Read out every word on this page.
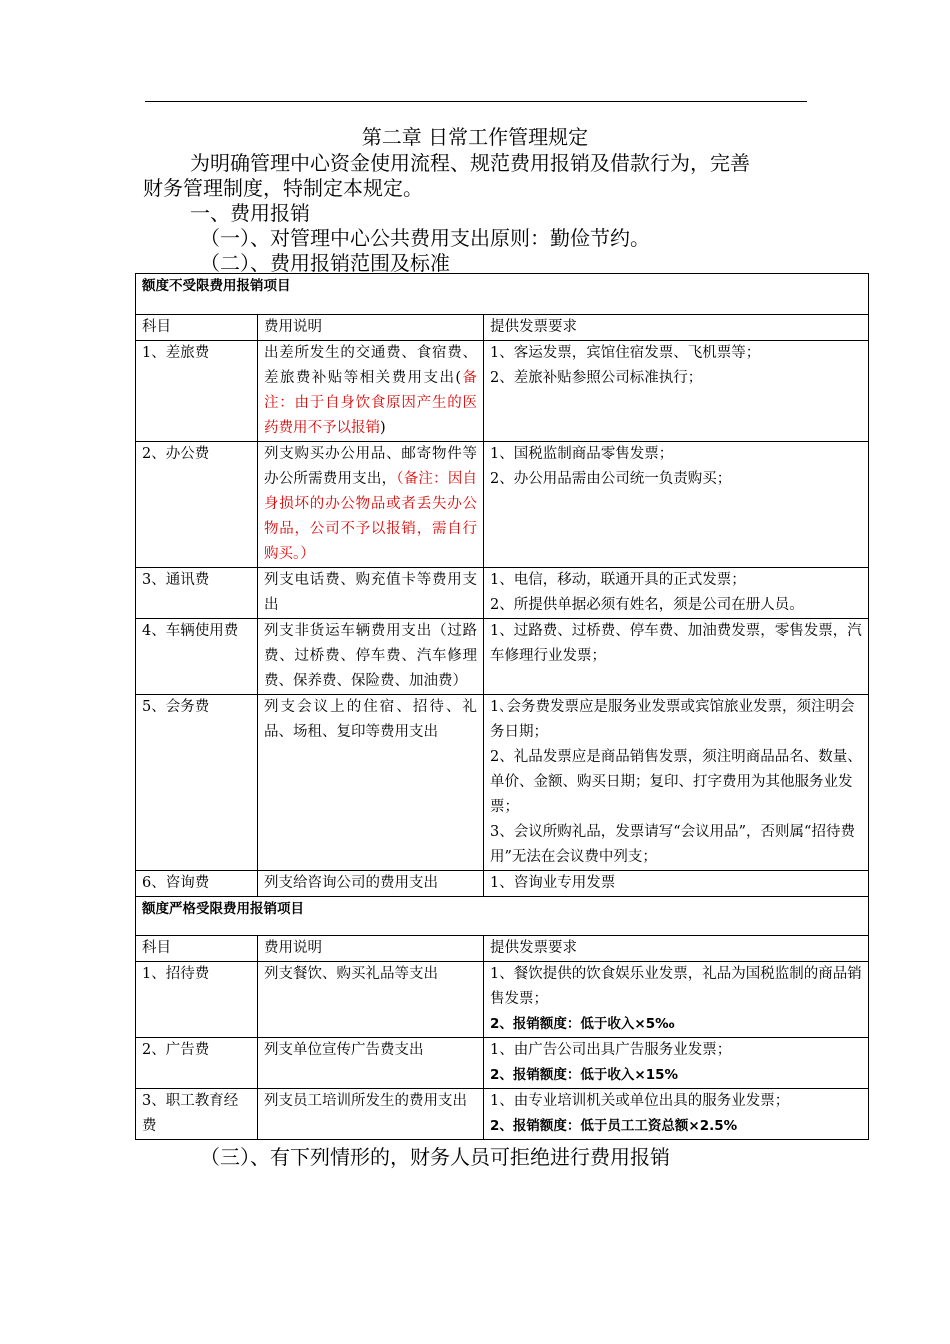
第二章 日常工作管理规定
为明确管理中心资金使用流程、规范费用报销及借款行为，完善
财务管理制度，特制定本规定。
一、费用报销
（一）、对管理中心公共费用支出原则：勤俭节约。
（二）、费用报销范围及标准
额度不受限费用报销项目		
科目	费用说明	提供发票要求
1、差旅费	出差所发生的交通费、食宿费、差旅费补贴等相关费用支出(备注：由于自身饮食原因产生的医药费用不予以报销)	1、客运发票，宾馆住宿发票、飞机票等；
2、差旅补贴参照公司标准执行；

2、办公费	列支购买办公用品、邮寄物件等办公所需费用支出，（备注：因自身损坏的办公物品或者丢失办公物品，公司不予以报销，需自行购买。）	1、国税监制商品零售发票；
2、办公用品需由公司统一负责购买；

3、通讯费	列支电话费、购充值卡等费用支出	1、电信，移动，联通开具的正式发票；
2、所提供单据必须有姓名，须是公司在册人员。

4、车辆使用费	列支非货运车辆费用支出（过路费、过桥费、停车费、汽车修理费、保养费、保险费、加油费）	1、过路费、过桥费、停车费、加油费发票，零售发票，汽车修理行业发票；

5、会务费	列支会议上的住宿、招待、礼品、场租、复印等费用支出	1､会务费发票应是服务业发票或宾馆旅业发票，须注明会务日期；
2、礼品发票应是商品销售发票，须注明商品品名、数量、单价、金额、购买日期；复印、打字费用为其他服务业发票；
3、会议所购礼品，发票请写“会议用品”，否则属“招待费用”无法在会议费中列支；

6、咨询费	列支给咨询公司的费用支出	1、咨询业专用发票

额度严格受限费用报销项目		
科目	费用说明	提供发票要求
1、招待费	列支餐饮、购买礼品等支出	1、餐饮提供的饮食娱乐业发票，礼品为国税监制的商品销售发票；
2、报销额度：低于收入×5‰

2、广告费	列支单位宣传广告费支出	1、由广告公司出具广告服务业发票；
2、报销额度：低于收入×15%

3、职工教育经费	列支员工培训所发生的费用支出	1、由专业培训机关或单位出具的服务业发票；
2、报销额度：低于员工工资总额×2.5%
（三）、有下列情形的，财务人员可拒绝进行费用报销
